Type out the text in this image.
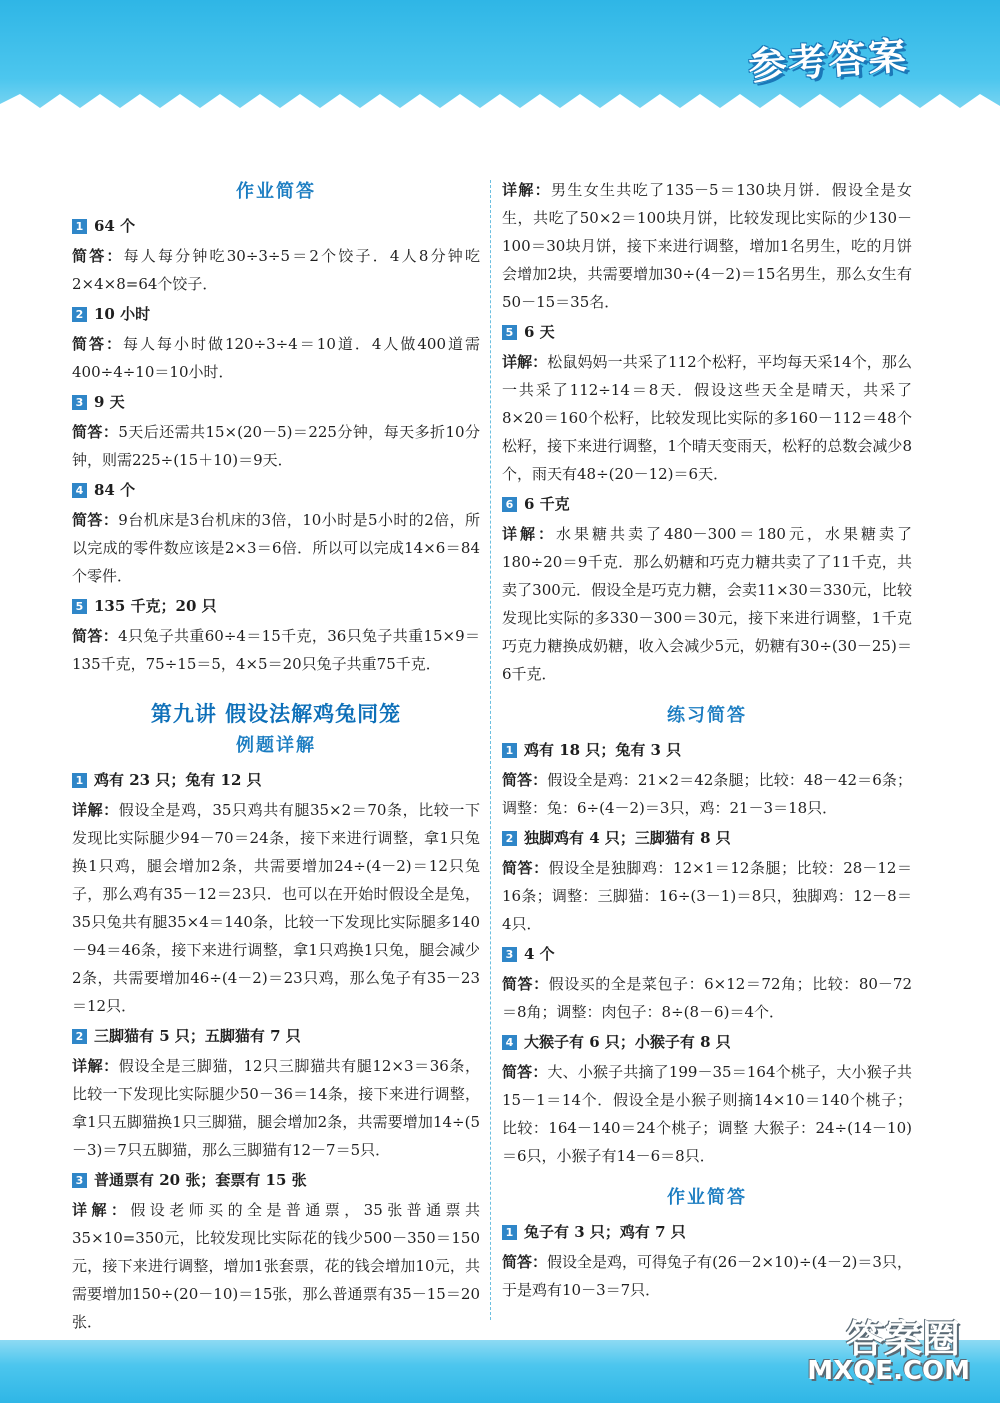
参考答案
作业简答
1 64 个
简答：每人每分钟吃30÷3÷5＝2个饺子．4人8分钟吃2×4×8=64个饺子．
2 10 小时
简答：每人每小时做120÷3÷4＝10道．4人做400道需400÷4÷10＝10小时．
3 9 天
简答：5天后还需共15×(20－5)＝225分钟，每天多折10分钟，则需225÷(15＋10)＝9天．
4 84 个
简答：9台机床是3台机床的3倍，10小时是5小时的2倍，所以完成的零件数应该是2×3＝6倍．所以可以完成14×6＝84个零件．
5 135 千克；20 只
简答：4只兔子共重60÷4＝15千克，36只兔子共重15×9＝135千克，75÷15＝5，4×5＝20只兔子共重75千克．
第九讲 假设法解鸡兔同笼
例题详解
1 鸡有 23 只；兔有 12 只
详解：假设全是鸡，35只鸡共有腿35×2＝70条，比较一下发现比实际腿少94－70＝24条，接下来进行调整，拿1只兔换1只鸡，腿会增加2条，共需要增加24÷(4－2)＝12只兔子，那么鸡有35－12＝23只．也可以在开始时假设全是兔，35只兔共有腿35×4＝140条，比较一下发现比实际腿多140－94＝46条，接下来进行调整，拿1只鸡换1只兔，腿会减少2条，共需要增加46÷(4－2)＝23只鸡，那么兔子有35－23＝12只．
2 三脚猫有 5 只；五脚猫有 7 只
详解：假设全是三脚猫，12只三脚猫共有腿12×3＝36条，比较一下发现比实际腿少50－36＝14条，接下来进行调整，拿1只五脚猫换1只三脚猫，腿会增加2条，共需要增加14÷(5－3)＝7只五脚猫，那么三脚猫有12－7＝5只．
3 普通票有 20 张；套票有 15 张
详解：假设老师买的全是普通票，35张普通票共35×10=350元，比较发现比实际花的钱少500－350＝150元，接下来进行调整，增加1张套票，花的钱会增加10元，共需要增加150÷(20－10)＝15张，那么普通票有35－15＝20张．
详解：男生女生共吃了135－5＝130块月饼．假设全是女生，共吃了50×2＝100块月饼，比较发现比实际的少130－100＝30块月饼，接下来进行调整，增加1名男生，吃的月饼会增加2块，共需要增加30÷(4－2)＝15名男生，那么女生有50－15＝35名．
5 6 天
详解：松鼠妈妈一共采了112个松籽，平均每天采14个，那么一共采了112÷14＝8天．假设这些天全是晴天，共采了8×20＝160个松籽，比较发现比实际的多160－112＝48个松籽，接下来进行调整，1个晴天变雨天，松籽的总数会减少8个，雨天有48÷(20－12)＝6天．
6 6 千克
详解：水果糖共卖了480－300＝180元，水果糖卖了180÷20＝9千克．那么奶糖和巧克力糖共卖了了11千克，共卖了300元．假设全是巧克力糖，会卖11×30＝330元，比较发现比实际的多330－300＝30元，接下来进行调整，1千克巧克力糖换成奶糖，收入会减少5元，奶糖有30÷(30－25)＝6千克．
练习简答
1 鸡有 18 只；兔有 3 只
简答：假设全是鸡：21×2＝42条腿；比较：48－42＝6条；调整：兔：6÷(4－2)＝3只，鸡：21－3＝18只．
2 独脚鸡有 4 只；三脚猫有 8 只
简答：假设全是独脚鸡：12×1＝12条腿；比较：28－12＝16条；调整：三脚猫：16÷(3－1)＝8只，独脚鸡：12－8＝4只．
3 4 个
简答：假设买的全是菜包子：6×12＝72角；比较：80－72＝8角；调整：肉包子：8÷(8－6)＝4个．
4 大猴子有 6 只；小猴子有 8 只
简答：大、小猴子共摘了199－35＝164个桃子，大小猴子共15－1＝14个．假设全是小猴子则摘14×10＝140个桃子；比较：164－140＝24个桃子；调整 大猴子：24÷(14－10)＝6只，小猴子有14－6＝8只．
作业简答
1 兔子有 3 只；鸡有 7 只
简答：假设全是鸡，可得兔子有(26－2×10)÷(4－2)＝3只，于是鸡有10－3＝7只．
答案圈
MXQE.COM
